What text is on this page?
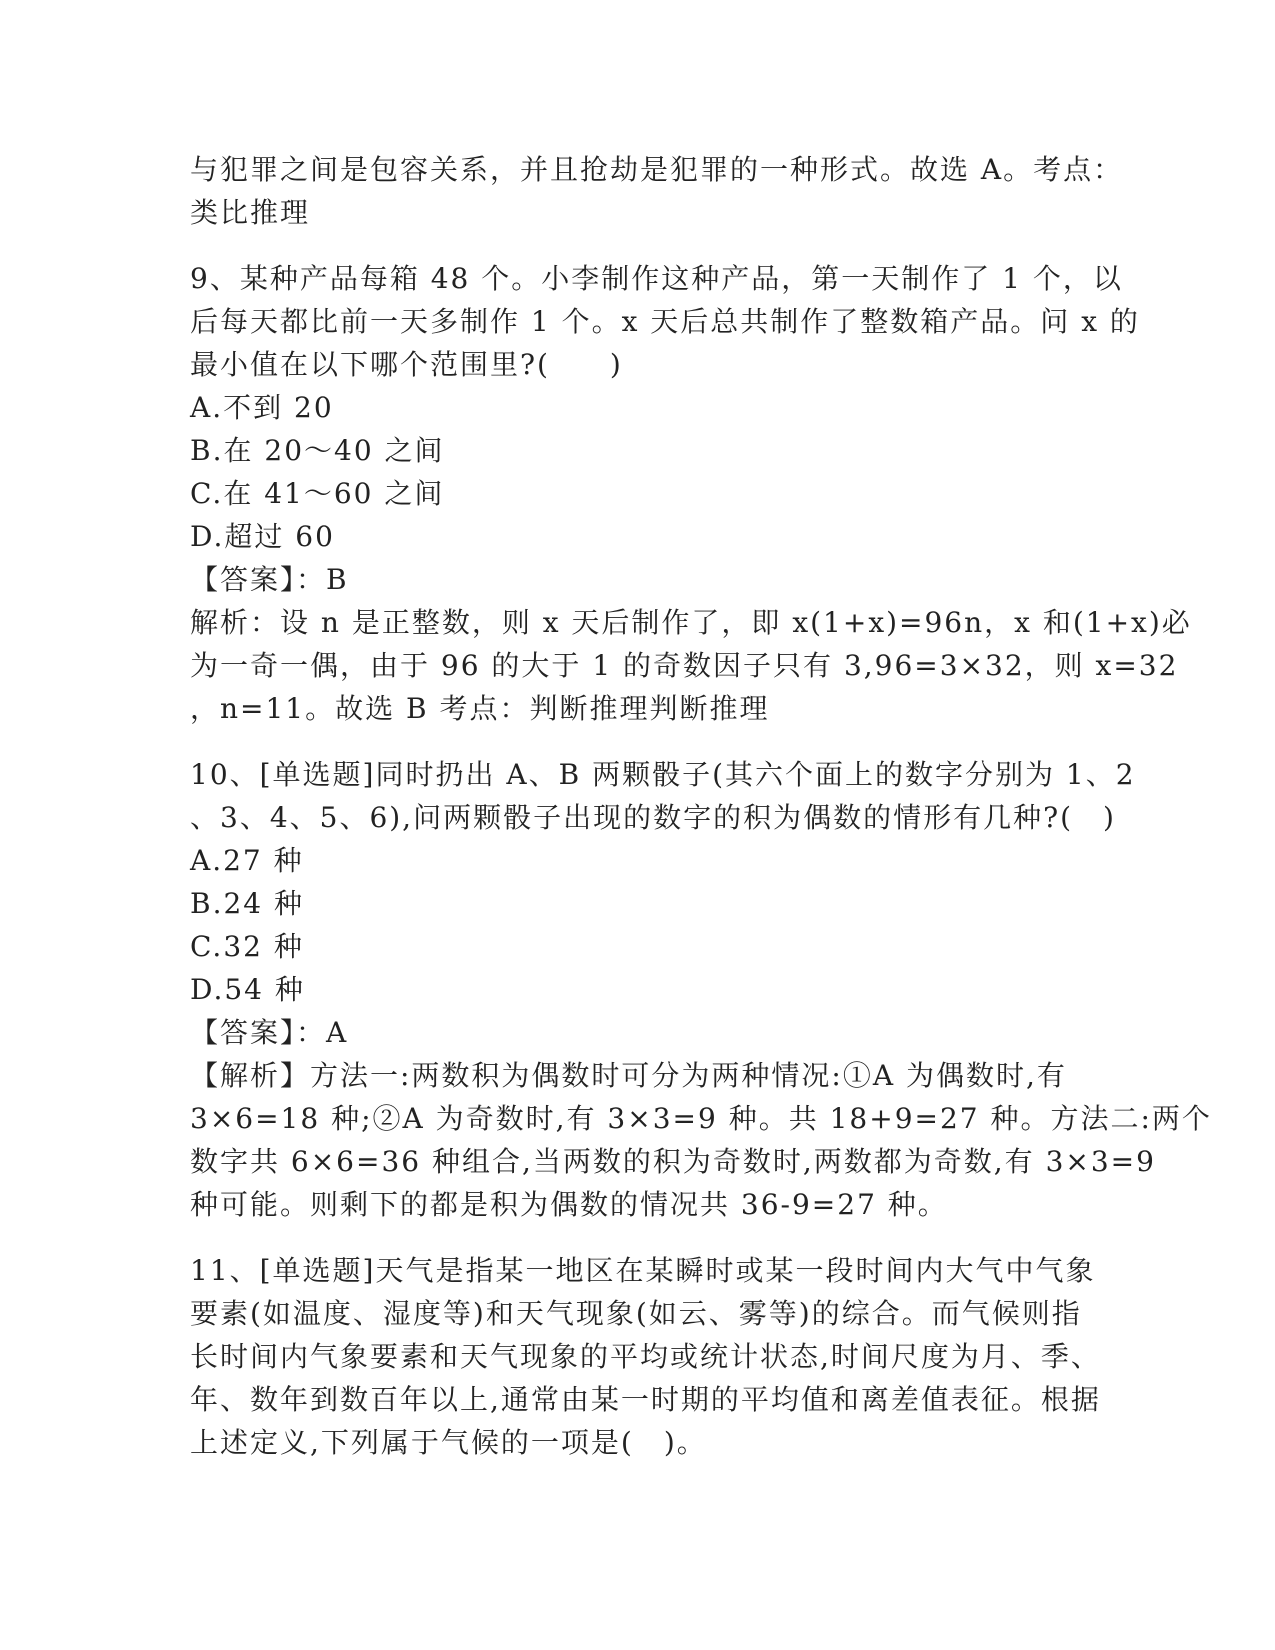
与犯罪之间是包容关系，并且抢劫是犯罪的一种形式。故选 A。考点：
类比推理
9、某种产品每箱 48 个。小李制作这种产品，第一天制作了 1 个，以
后每天都比前一天多制作 1 个。x 天后总共制作了整数箱产品。问 x 的
最小值在以下哪个范围里?(　　)
A.不到 20
B.在 20～40 之间
C.在 41～60 之间
D.超过 60
【答案】：B
解析：设 n 是正整数，则 x 天后制作了，即 x(1+x)=96n，x 和(1+x)必
为一奇一偶，由于 96 的大于 1 的奇数因子只有 3,96=3×32，则 x=32
，n=11。故选 B 考点：判断推理判断推理
10、[单选题]同时扔出 A、B 两颗骰子(其六个面上的数字分别为 1、2
、3、4、5、6),问两颗骰子出现的数字的积为偶数的情形有几种?(　)
A.27 种
B.24 种
C.32 种
D.54 种
【答案】：A
【解析】方法一:两数积为偶数时可分为两种情况:①A 为偶数时,有
3×6=18 种;②A 为奇数时,有 3×3=9 种。共 18+9=27 种。方法二:两个
数字共 6×6=36 种组合,当两数的积为奇数时,两数都为奇数,有 3×3=9
种可能。则剩下的都是积为偶数的情况共 36-9=27 种。
11、[单选题]天气是指某一地区在某瞬时或某一段时间内大气中气象
要素(如温度、湿度等)和天气现象(如云、雾等)的综合。而气候则指
长时间内气象要素和天气现象的平均或统计状态,时间尺度为月、季、
年、数年到数百年以上,通常由某一时期的平均值和离差值表征。根据
上述定义,下列属于气候的一项是(　)。
